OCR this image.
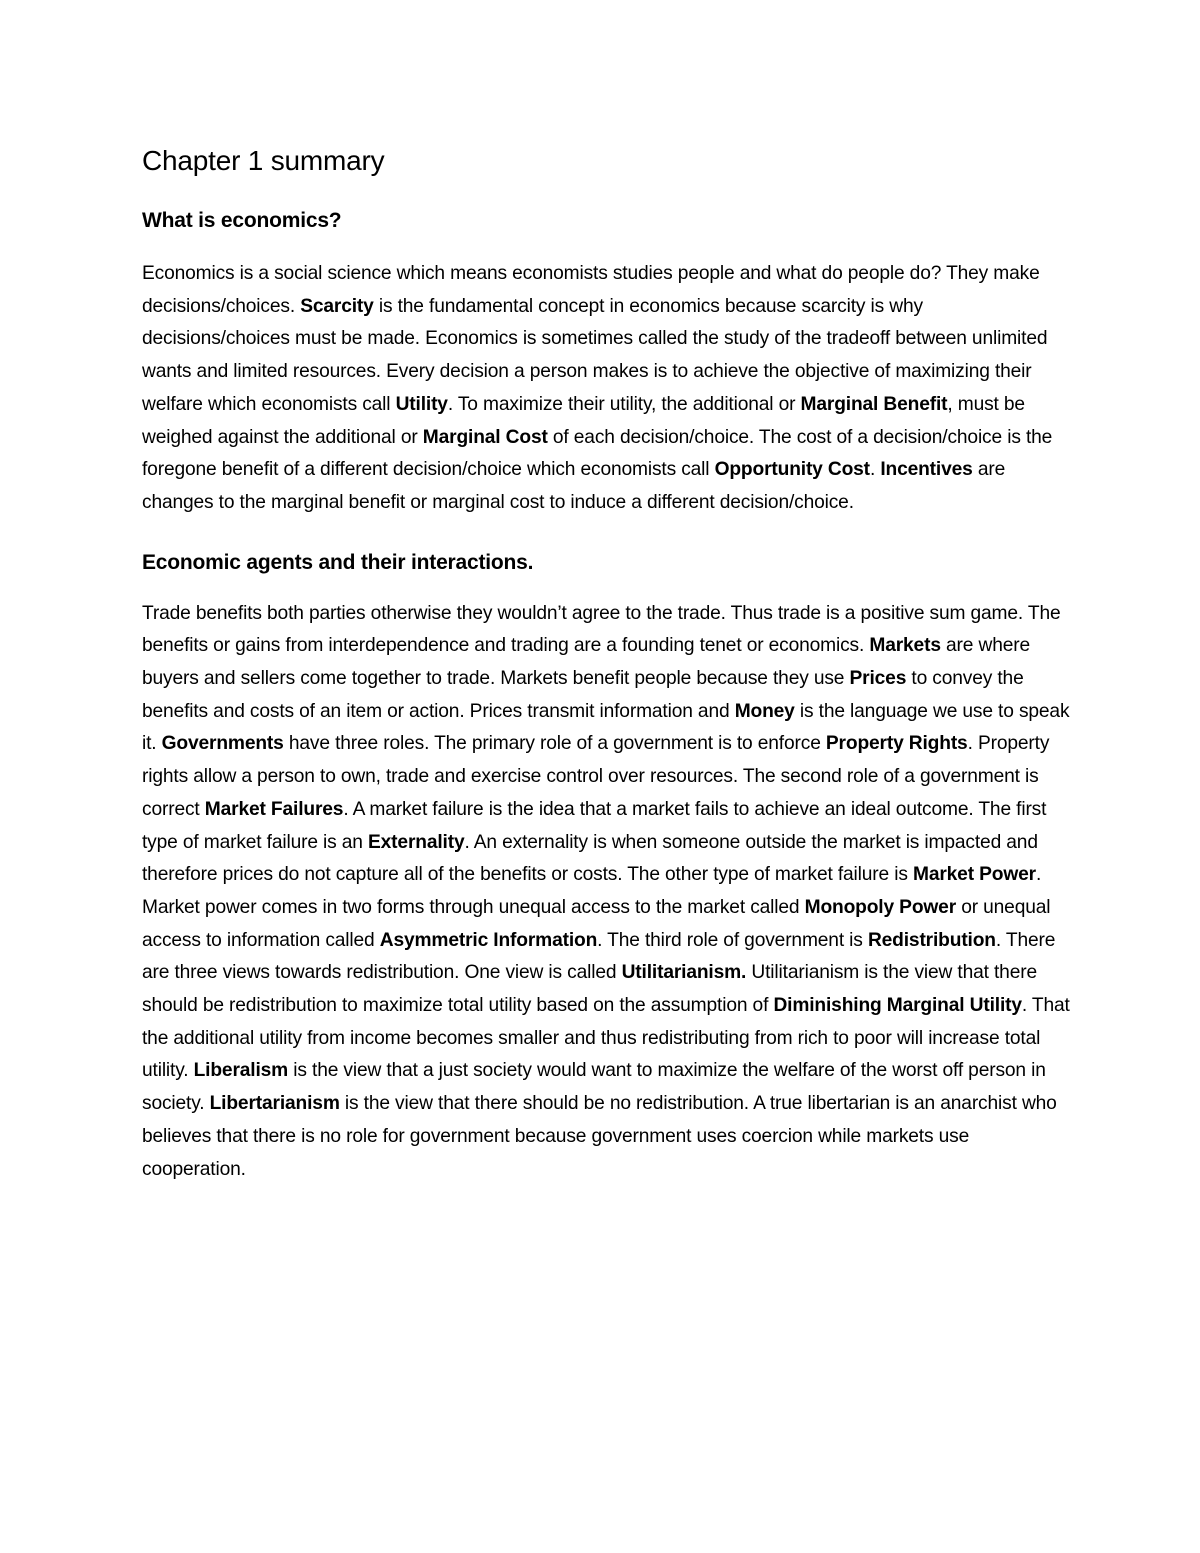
Chapter 1 summary
What is economics?

Economics is a social science which means economists studies people and what do people do? They make decisions/choices. Scarcity is the fundamental concept in economics because scarcity is why decisions/choices must be made. Economics is sometimes called the study of the tradeoff between unlimited wants and limited resources. Every decision a person makes is to achieve the objective of maximizing their welfare which economists call Utility. To maximize their utility, the additional or Marginal Benefit, must be weighed against the additional or Marginal Cost of each decision/choice. The cost of a decision/choice is the foregone benefit of a different decision/choice which economists call Opportunity Cost. Incentives are changes to the marginal benefit or marginal cost to induce a different decision/choice.

Economic agents and their interactions.

Trade benefits both parties otherwise they wouldn’t agree to the trade. Thus trade is a positive sum game. The benefits or gains from interdependence and trading are a founding tenet or economics. Markets are where buyers and sellers come together to trade. Markets benefit people because they use Prices to convey the benefits and costs of an item or action. Prices transmit information and Money is the language we use to speak it. Governments have three roles. The primary role of a government is to enforce Property Rights. Property rights allow a person to own, trade and exercise control over resources. The second role of a government is correct Market Failures. A market failure is the idea that a market fails to achieve an ideal outcome. The first type of market failure is an Externality. An externality is when someone outside the market is impacted and therefore prices do not capture all of the benefits or costs. The other type of market failure is Market Power. Market power comes in two forms through unequal access to the market called Monopoly Power or unequal access to information called Asymmetric Information. The third role of government is Redistribution. There are three views towards redistribution. One view is called Utilitarianism. Utilitarianism is the view that there should be redistribution to maximize total utility based on the assumption of Diminishing Marginal Utility. That the additional utility from income becomes smaller and thus redistributing from rich to poor will increase total utility. Liberalism is the view that a just society would want to maximize the welfare of the worst off person in society. Libertarianism is the view that there should be no redistribution. A true libertarian is an anarchist who believes that there is no role for government because government uses coercion while markets use cooperation.
